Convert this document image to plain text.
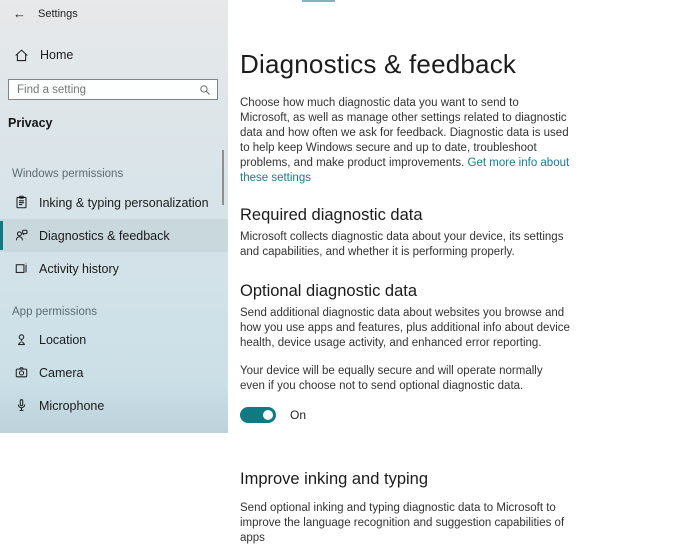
← Settings
Home
Find a setting
Privacy
Windows permissions
Inking & typing personalization
Diagnostics & feedback
Activity history
App permissions
Location
Camera
Microphone
Diagnostics & feedback

Choose how much diagnostic data you want to send to Microsoft, as well as manage other settings related to diagnostic data and how often we ask for feedback. Diagnostic data is used to help keep Windows secure and up to date, troubleshoot problems, and make product improvements. Get more info about these settings

Required diagnostic data

Microsoft collects diagnostic data about your device, its settings and capabilities, and whether it is performing properly.

Optional diagnostic data

Send additional diagnostic data about websites you browse and how you use apps and features, plus additional info about device health, device usage activity, and enhanced error reporting.

Your device will be equally secure and will operate normally even if you choose not to send optional diagnostic data.

On
Improve inking and typing

Send optional inking and typing diagnostic data to Microsoft to improve the language recognition and suggestion capabilities of apps
